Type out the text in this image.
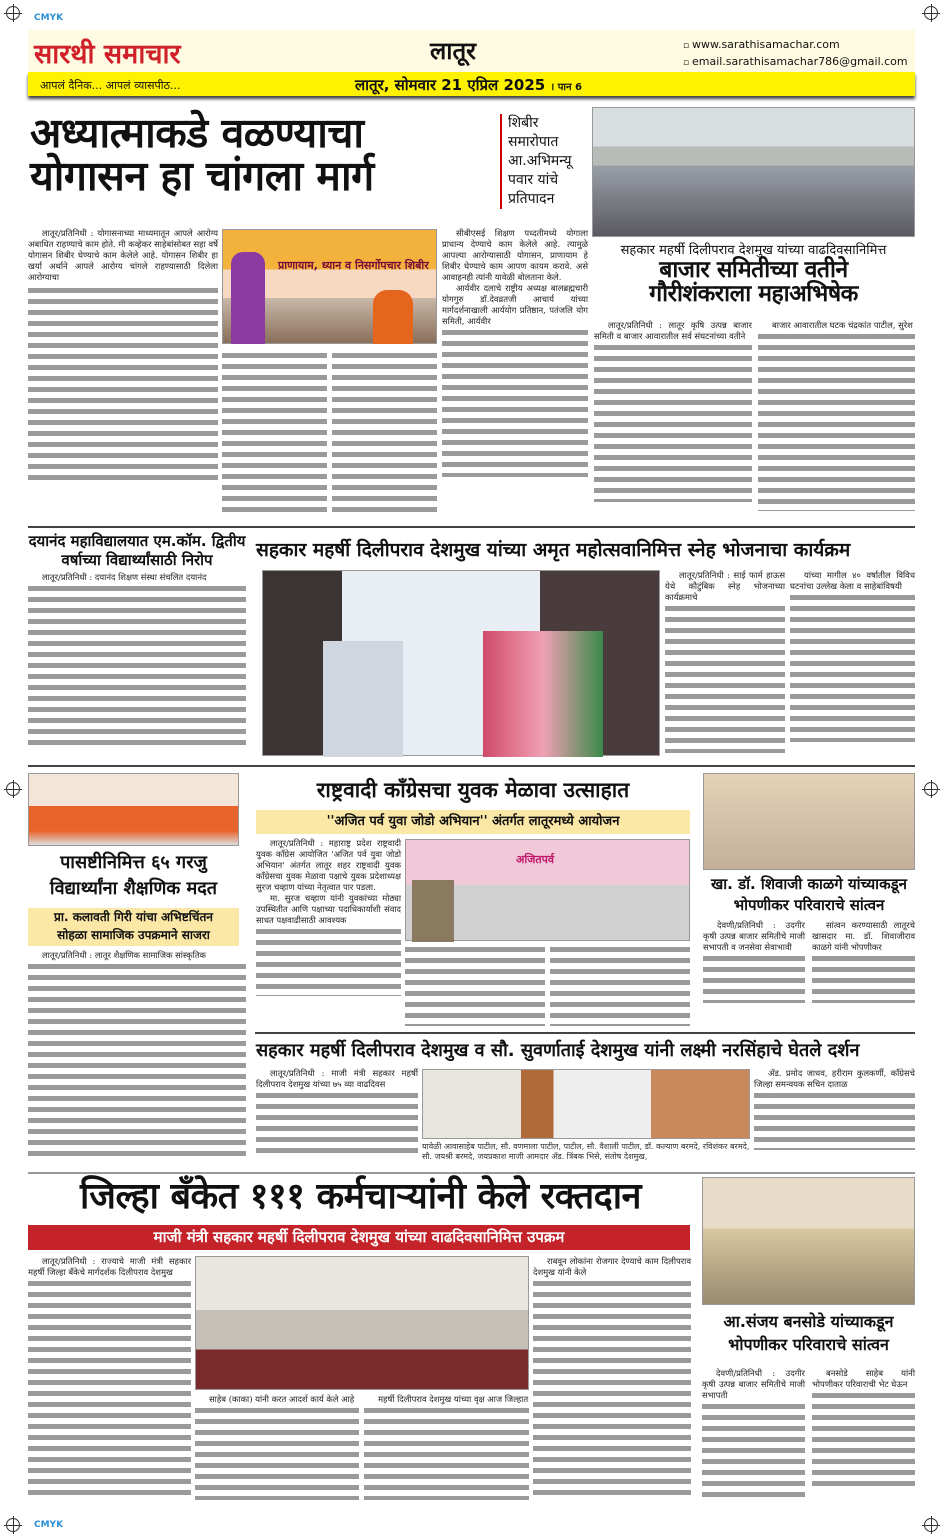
CMYK
CMYK
सारथी समाचार	लातूर	▫ www.sarathisamachar.com
▫ email.sarathisamachar786@gmail.com
आपलं दैनिक... आपलं व्यासपीठ...	लातूर, सोमवार 21 एप्रिल 2025 । पान 6
अध्यात्माकडे वळण्याचा
योगासन हा चांगला मार्ग
शिबीर
समारोपात
आ.अभिमन्यू
पवार यांचे
प्रतिपादन

लातूर/प्रतिनिधी : योगासनाच्या माध्यमातून आपले आरोग्य अबाधित राहण्याचे काम होते. मी कव्हेकर साहेबांसोबत सहा वर्षे योगासन शिबीर घेण्याचे काम केलेले आहे. योगासन शिबीर हा खर्या अर्थाने आपले आरोग्य चांगले राहण्यासाठी दिलेला आरोग्याचा

प्राणायाम, ध्यान व निसर्गोपचार शिबीर

सीबीएसई शिक्षण पध्दतीमध्ये योगाला प्राधान्य देण्याचे काम केलेले आहे. त्यामुळे आपल्या आरोग्यासाठी योगासन, प्राणायाम हे शिबीर घेण्याचे काम आपण कायम करावे. असे आवाहनही त्यांनी यावेळी बोलताना केले.

आर्यवीर दलाचे राष्ट्रीय अध्यक्ष बालब्रह्मचारी योगगुरु डॉ.देवव्रतजी आचार्य यांच्या मार्गदर्शनाखाली आर्ययोग प्रतिष्ठान, पतंजलि योग समिती, आर्यवीर

सहकार महर्षी दिलीपराव देशमुख यांच्या वाढदिवसानिमित्त
बाजार समितीच्या वतीने
गौरीशंकराला महाअभिषेक

लातूर/प्रतिनिधी : लातूर कृषि उत्पन्न बाजार समिती व बाजार आवारातील सर्व संघटनांच्या वतीने

बाजार आवारातील घटक चंद्रकांत पाटील, सुरेश

दयानंद महाविद्यालयात एम.कॉम. द्वितीय वर्षाच्या विद्यार्थ्यांसाठी निरोप

लातूर/प्रतिनिधी : दयानंद शिक्षण संस्था संचलित दयानंद

सहकार महर्षी दिलीपराव देशमुख यांच्या अमृत महोत्सवानिमित्त स्नेह भोजनाचा कार्यक्रम

लातूर/प्रतिनिधी : साई फार्म हाऊस येथे कौटुंबिक स्नेह भोजनाच्या कार्यक्रमाचे

यांच्या मागील ४० वर्षातील विविध घटनांचा उल्लेख केला व साहेबांविषयी

पासष्टीनिमित्त ६५ गरजु विद्यार्थ्यांना शैक्षणिक मदत
प्रा. कलावती गिरी यांचा अभिष्टचिंतन
सोहळा सामाजिक उपक्रमाने साजरा

लातूर/प्रतिनिधी : लातूर शैक्षणिक सामाजिक सांस्कृतिक

राष्ट्रवादी काँग्रेसचा युवक मेळावा उत्साहात
''अजित पर्व युवा जोडो अभियान'' अंतर्गत लातूरमध्ये आयोजन

लातूर/प्रतिनिधी : महाराष्ट्र प्रदेश राष्ट्रवादी युवक काँग्रेस आयोजित 'अजित पर्व युवा जोडो अभियान' अंतर्गत लातूर शहर राष्ट्रवादी युवक काँग्रेसचा युवक मेळावा पक्षाचे युवक प्रदेशाध्यक्ष सुरज चव्हाण यांच्या नेतृत्वात पार पडला.

मा. सुरज चव्हाण यांनी युवकांच्या मोठ्या उपस्थितीत आणि पक्षाच्या पदाधिकार्यांशी संवाद साधत पक्षवाढीसाठी आवश्यक

अजितपर्व
खा. डॉ. शिवाजी काळगे यांच्याकडून भोपणीकर परिवाराचे सांत्वन

देवणी/प्रतिनिधी : उदगीर कृषी उत्पन्न बाजार समितीचे माजी सभापती व जनसेवा सेवाभावी

सांत्वन करण्यासाठी लातूरचे खासदार मा. डॉ. शिवाजीराव काळगे यांनी भोपणीकर

सहकार महर्षी दिलीपराव देशमुख व सौ. सुवर्णाताई देशमुख यांनी लक्ष्मी नरसिंहाचे घेतले दर्शन

लातूर/प्रतिनिधी : माजी मंत्री सहकार महर्षी दिलीपराव देशमुख यांच्या ७५ व्या वाढदिवस

यावेळी आवासाहेब पाटील, सौ. वणमाला पाटील, पाटील, सौ. वैशाली पाटील, डॉ. कल्याण बरमदे, रविशंकर बरमदे, सौ. जयश्री बरमदे, जयप्रकाश माजी आमदार ॲड. त्रिंबक भिसे, संतोष देशमुख,

ॲड. प्रमोद जाधव, हरीराम कुलकर्णी, काँग्रेसचे जिल्हा समन्वयक सचिन दाताळ

जिल्हा बँकेत १११ कर्मचाऱ्यांनी केले रक्तदान
माजी मंत्री सहकार महर्षी दिलीपराव देशमुख यांच्या वाढदिवसानिमित्त उपक्रम

लातूर/प्रतिनिधी : राज्याचे माजी मंत्री सहकार महर्षी जिल्हा बँकेचे मार्गदर्शक दिलीपराव देशमुख

साहेब (काका) यांनी करत आदर्श कार्य केले आहे	महर्षी दिलीपराव देशमुख यांच्या वृक्ष आज जिल्हात

राबवून लोकांना रोजगार देण्याचे काम दिलीपराव देशमुख यांनी केले

आ.संजय बनसोडे यांच्याकडून भोपणीकर परिवाराचे सांत्वन

देवणी/प्रतिनिधी : उदगीर कृषी उत्पन्न बाजार समितीचे माजी सभापती

बनसोडे साहेब यांनी भोपणीकर परिवाराची भेट घेऊन
